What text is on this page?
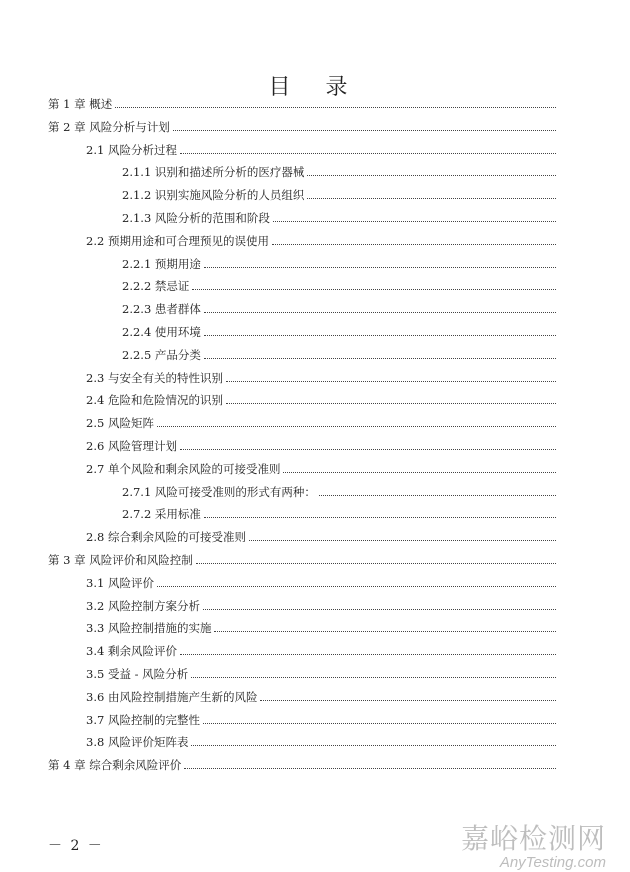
目 录
第 1 章 概述
第 2 章 风险分析与计划
2.1 风险分析过程
2.1.1 识别和描述所分析的医疗器械
2.1.2 识别实施风险分析的人员组织
2.1.3 风险分析的范围和阶段
2.2 预期用途和可合理预见的误使用
2.2.1 预期用途
2.2.2 禁忌证
2.2.3 患者群体
2.2.4 使用环境
2.2.5 产品分类
2.3 与安全有关的特性识别
2.4 危险和危险情况的识别
2.5 风险矩阵
2.6 风险管理计划
2.7 单个风险和剩余风险的可接受准则
2.7.1 风险可接受准则的形式有两种：
2.7.2 采用标准
2.8 综合剩余风险的可接受准则
第 3 章 风险评价和风险控制
3.1 风险评价
3.2 风险控制方案分析
3.3 风险控制措施的实施
3.4 剩余风险评价
3.5 受益 - 风险分析
3.6 由风险控制措施产生新的风险
3.7 风险控制的完整性
3.8 风险评价矩阵表
第 4 章 综合剩余风险评价
－ 2 －	嘉峪检测网
AnyTesting.com
